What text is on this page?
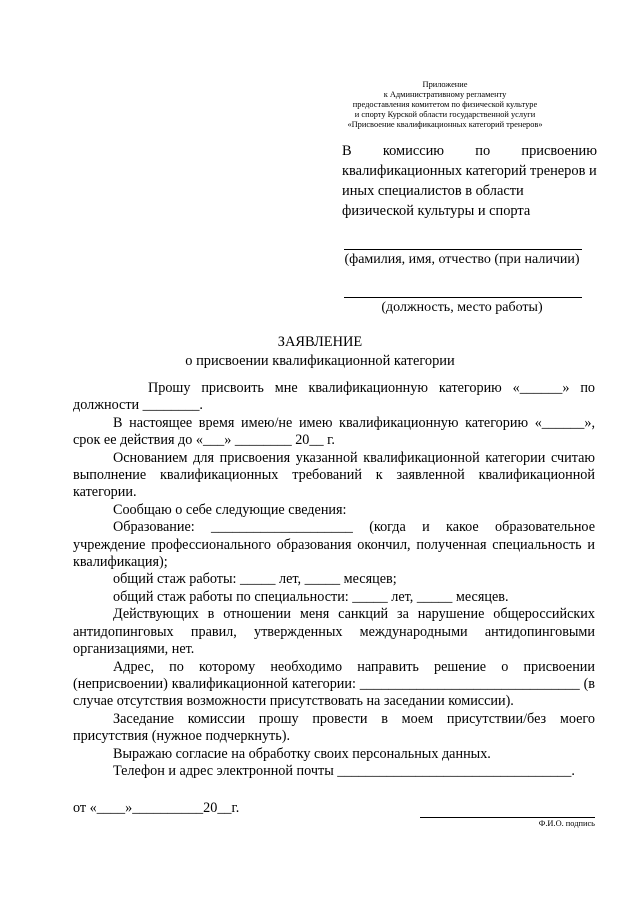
Приложение
к Административному регламенту
предоставления комитетом по физической культуре
и спорту Курской области государственной услуги
«Присвоение квалификационных категорий тренеров»
В комиссию по присвоению
квалификационных категорий тренеров и иных специалистов в области физической культуры и спорта
(фамилия, имя, отчество (при наличии)
(должность, место работы)
ЗАЯВЛЕНИЕ
о присвоении квалификационной категории

Прошу присвоить мне квалификационную категорию «______» по должности ________.

В настоящее время имею/не имею квалификационную категорию «______», срок ее действия до «___» ________ 20__ г.

Основанием для присвоения указанной квалификационной категории считаю выполнение квалификационных требований к заявленной квалификационной категории.

Сообщаю о себе следующие сведения:

Образование: ____________________ (когда и какое образовательное учреждение профессионального образования окончил, полученная специальность и квалификация);

общий стаж работы: _____ лет, _____ месяцев;

общий стаж работы по специальности: _____ лет, _____ месяцев.

Действующих в отношении меня санкций за нарушение общероссийских антидопинговых правил, утвержденных международными антидопинговыми организациями, нет.

Адрес, по которому необходимо направить решение о присвоении (неприсвоении) квалификационной категории: _______________________________ (в случае отсутствия возможности присутствовать на заседании комиссии).

Заседание комиссии прошу провести в моем присутствии/без моего присутствия (нужное подчеркнуть).

Выражаю согласие на обработку своих персональных данных.

Телефон и адрес электронной почты _________________________________.

от «____»__________20__г.
Ф.И.О. подпись
